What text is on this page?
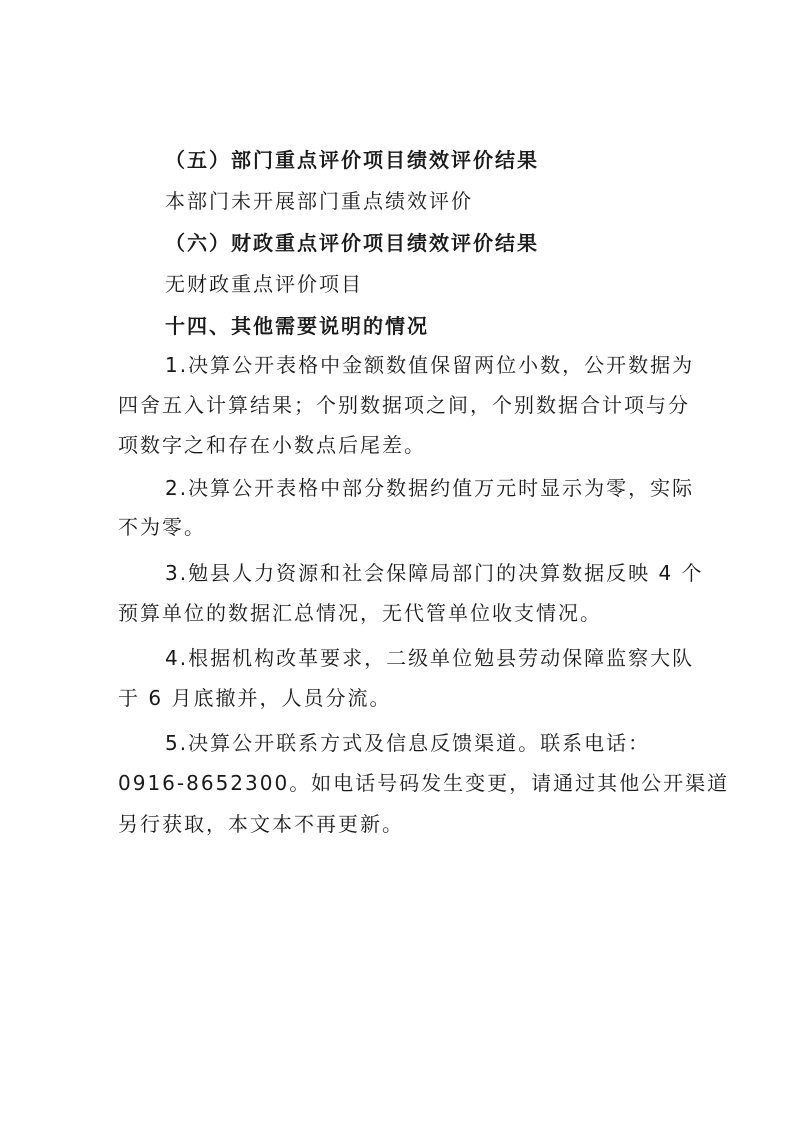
（五）部门重点评价项目绩效评价结果
本部门未开展部门重点绩效评价
（六）财政重点评价项目绩效评价结果
无财政重点评价项目
十四、其他需要说明的情况
1.决算公开表格中金额数值保留两位小数，公开数据为
四舍五入计算结果；个别数据项之间，个别数据合计项与分
项数字之和存在小数点后尾差。
2.决算公开表格中部分数据约值万元时显示为零，实际
不为零。
3.勉县人力资源和社会保障局部门的决算数据反映 4 个
预算单位的数据汇总情况，无代管单位收支情况。
4.根据机构改革要求，二级单位勉县劳动保障监察大队
于 6 月底撤并，人员分流。
5.决算公开联系方式及信息反馈渠道。联系电话：
0916-8652300。如电话号码发生变更，请通过其他公开渠道
另行获取，本文本不再更新。
